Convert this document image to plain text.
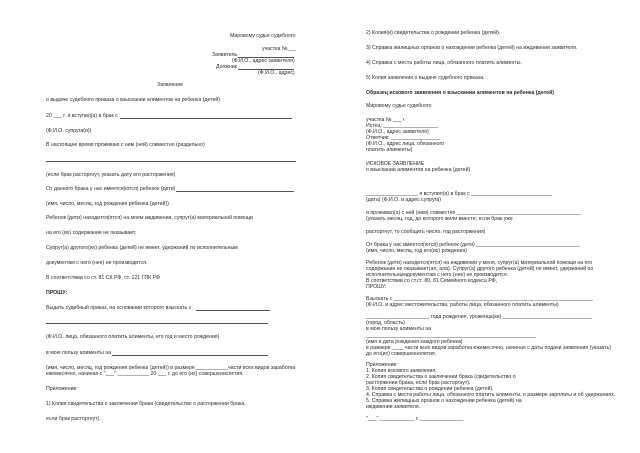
Мировому судье судебного
участка №___
Заявитель
(Ф.И.О., адрес заявителя)
Должник
(Ф.И.О., адрес)
Заявление
о выдаче судебного приказа о взыскании алиментов на ребенка (детей)
20 ___ г. я вступил(а) в брак с
(Ф.И.О. супруга(и))
В настоящее время проживаю с ним (ней) совместно (раздельно)
(если брак расторгнут, указать дату его расторжения)
От данного брака у нас имеется(ются) ребенок (дети)
(имя, число, месяц, год рождения ребенка (детей))
Ребенок (дети) находится(ятся) на моем иждивении, супруг(а) материальной помощи
на его (их) содержание не оказывает.
Супруг(а) другого(их) ребенка (детей) не имеет, удержаний по исполнительным
документам с него (нее) не производится.
В соответствии со ст. 81 СК РФ, ст. 121 ГПК РФ
ПРОШУ:
Выдать судебный приказ, на основании которого взыскать с
(Ф.И.О. лица, обязанного платить алименты, его год и место рождения)
в мою пользу алименты на
(имя, число, месяц, год рождения ребенка (детей)) в размере ___________части всех видов заработка
ежемесячно, начиная с "___" ___________ 20 ___ г. до его (их) совершеннолетия.
Приложение:
1) Копия свидетельства о заключении брака (свидетельство о расторжении брака,
если брак расторгнут).
2) Копия(и) свидетельства о рождении ребенка (детей).
3) Справка жилищных органов о нахождении ребенка (детей) на иждивении заявителя.
4) Справка с места работы лица, обязанного платить алименты.
5) Копия заявления о выдаче судебного приказа.
Образец искового заявления о взыскании алиментов на ребенка (детей)
Мировому судье судебного
участка № ___ г
Истец: ___________________
(Ф.И.О., адрес заявителя)
Ответчик: _________________
(Ф.И.О., адрес лица, обязанного
платить алименты)
ИСКОВОЕ ЗАЯВЛЕНИЕ
о взыскании алиментов на ребенка (детей)
__________________ я вступил(а) в брак с ____________________________
(дата) (Ф.И.О. и адрес супруга)
и проживал(а) с ней (ним) совместно ___________________________________________
(указать месяц, год, до которого жили вместе; если брак уже
расторгнут, то сообщить число, год расторжения)
От брака у нас имеется(ются) ребенок (дети) ____________________________________
(имя, число, месяц, год его(их) рождения)
Ребенок (дети) находится(ятся) на иждивении у меня, супруг(а) материальной помощи на его
содержание не оказывает(ал, ала). Супруг(а) другого ребенка (детей) не имеет, удержаний по
исполнительнымдокументам с него (нее) не производится.
В соответствии со ст.ст. 80, 81 Семейного кодекса РФ,
ПРОШУ:
Взыскать с _____________________________________________________________________
(Ф.И.О. и адрес местожительства, работы лица, обязанного платить алименты)
______________________ года рождения, уроженца(ки) _______________________________
(город, область)
в мою пользу алименты на
___________________________________________________________
(имя и дата рождения каждого ребенка)
в размере ____ части всех видов заработка ежемесячно, начиная с даты подачи заявления (указать)
до его(их) совершеннолетия.
Приложение:
1. Копия искового заявления.
2. Копия свидетельства о заключении брака (свидетельство о
расторжении брака, если брак расторгнут).
3. Копия свидетельства о рождении ребенка (детей).
4. Справка с места работы лица, обязанного платить алименты, о размере зарплаты и об удержаниях.
5. Справка жилищных органов о нахождении ребенка (детей) на
иждивении заявителя.
"___" ____________ г. _______________
